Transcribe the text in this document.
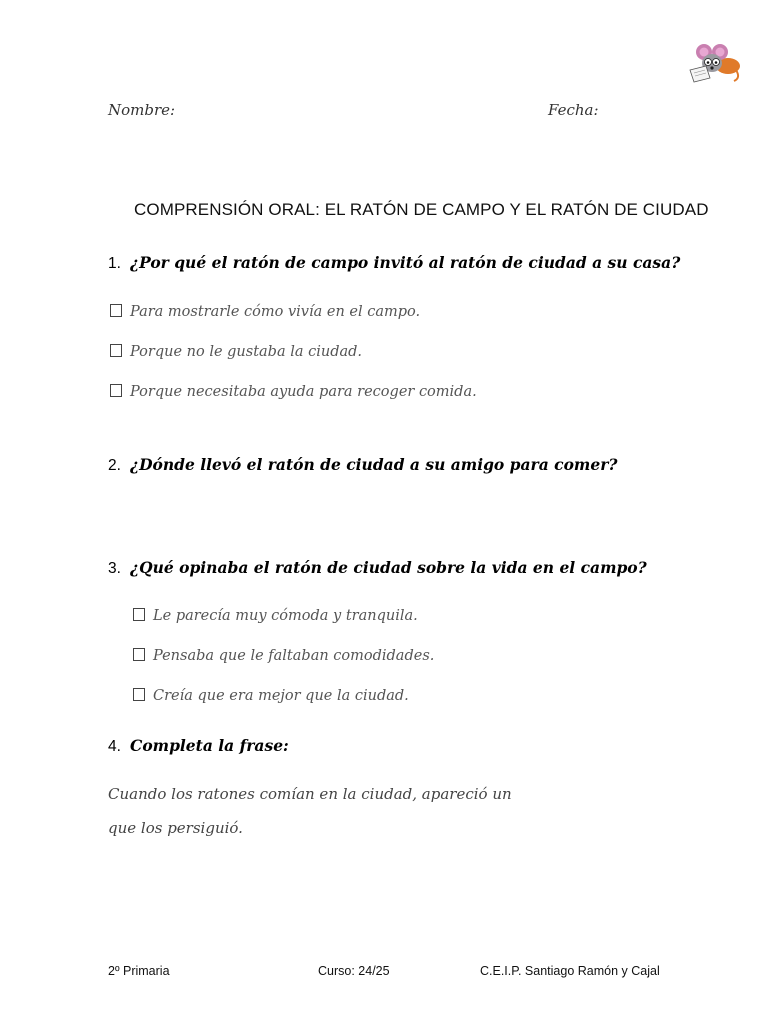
Nombre:	Fecha:
COMPRENSIÓN ORAL: EL RATÓN DE CAMPO Y EL RATÓN DE CIUDAD
1. ¿Por qué el ratón de campo invitó al ratón de ciudad a su casa?
Para mostrarle cómo vivía en el campo.
Porque no le gustaba la ciudad.
Porque necesitaba ayuda para recoger comida.
2. ¿Dónde llevó el ratón de ciudad a su amigo para comer?
3. ¿Qué opinaba el ratón de ciudad sobre la vida en el campo?
Le parecía muy cómoda y tranquila.
Pensaba que le faltaban comodidades.
Creía que era mejor que la ciudad.
4. Completa la frase:
Cuando los ratones comían en la ciudad, apareció un
que los persiguió.
2º Primaria	Curso: 24/25	C.E.I.P. Santiago Ramón y Cajal
